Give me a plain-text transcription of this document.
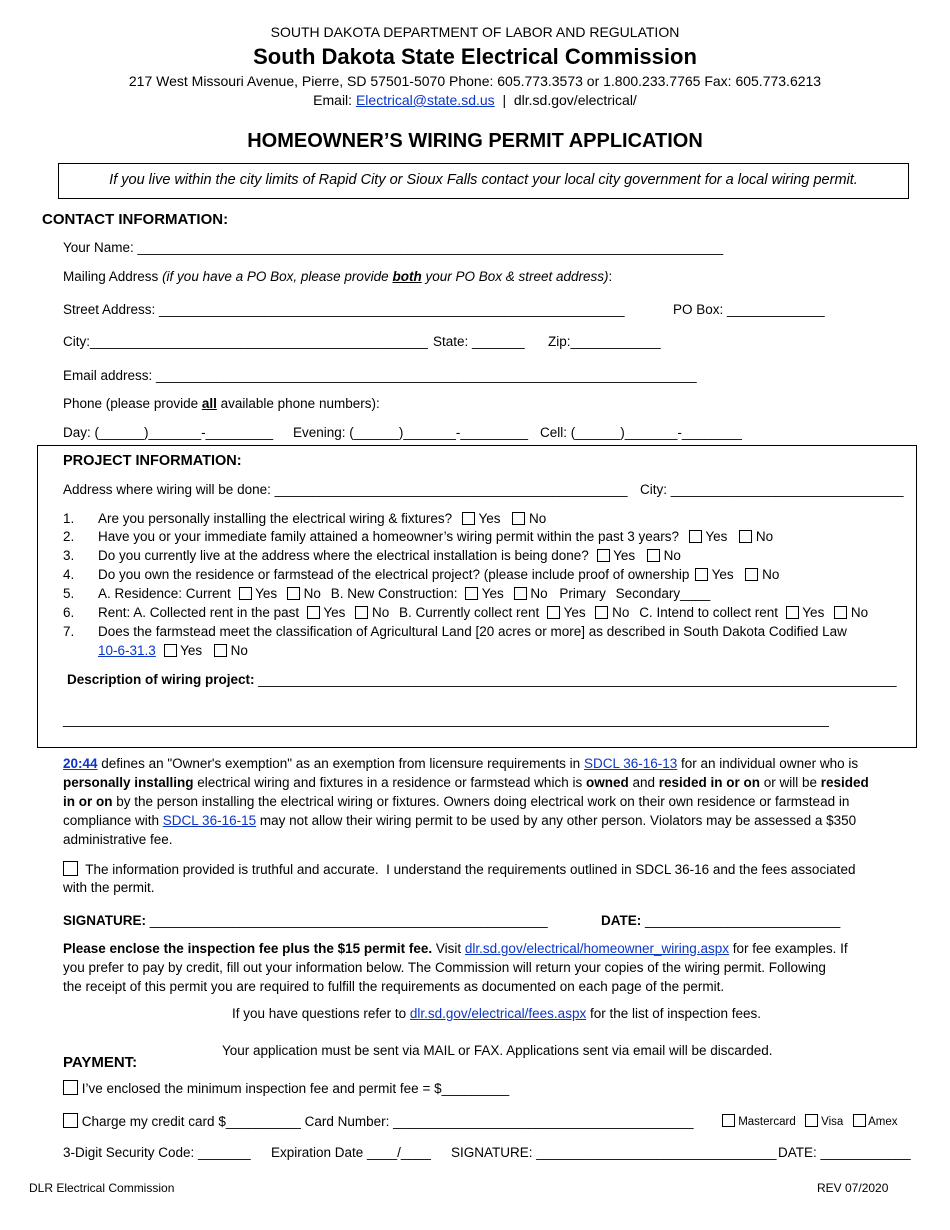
SOUTH DAKOTA DEPARTMENT OF LABOR AND REGULATION
South Dakota State Electrical Commission
217 West Missouri Avenue, Pierre, SD 57501-5070 Phone: 605.773.3573 or 1.800.233.7765 Fax: 605.773.6213
Email: Electrical@state.sd.us  |  dlr.sd.gov/electrical/
HOMEOWNER’S WIRING PERMIT APPLICATION
If you live within the city limits of Rapid City or Sioux Falls contact your local city government for a local wiring permit.
CONTACT INFORMATION:
Your Name: ______________________________________________________________________________
Mailing Address (if you have a PO Box, please provide both your PO Box & street address):
Street Address: ______________________________________________________________	PO Box: _____________
City:_____________________________________________ State: _______ Zip:____________
Email address: ________________________________________________________________________
Phone (please provide all available phone numbers):
Day: (______)_______-_________ Evening: (______)_______-_________ Cell: (______)_______-________
PROJECT INFORMATION:
Address where wiring will be done: _______________________________________________ City: _______________________________
1. Are you personally installing the electrical wiring & fixtures? Yes No
2. Have you or your immediate family attained a homeowner’s wiring permit within the past 3 years? Yes No
3. Do you currently live at the address where the electrical installation is being done? Yes No
4. Do you own the residence or farmstead of the electrical project? (please include proof of ownership Yes No
5. A. Residence: Current Yes No B. New Construction: Yes No Primary Secondary____
6. Rent: A. Collected rent in the past Yes No B. Currently collect rent Yes No C. Intend to collect rent Yes No
7. Does the farmstead meet the classification of Agricultural Land [20 acres or more] as described in South Dakota Codified Law
10-6-31.3 Yes No
Description of wiring project: _____________________________________________________________________________________
______________________________________________________________________________________________________
20:44 defines an "Owner's exemption" as an exemption from licensure requirements in SDCL 36-16-13 for an individual owner who is
personally installing electrical wiring and fixtures in a residence or farmstead which is owned and resided in or on or will be resided
in or on by the person installing the electrical wiring or fixtures. Owners doing electrical work on their own residence or farmstead in
compliance with SDCL 36-16-15 may not allow their wiring permit to be used by any other person. Violators may be assessed a $350
administrative fee.
The information provided is truthful and accurate.  I understand the requirements outlined in SDCL 36-16 and the fees associated
with the permit.
SIGNATURE: _____________________________________________________	DATE: __________________________
Please enclose the inspection fee plus the $15 permit fee. Visit dlr.sd.gov/electrical/homeowner_wiring.aspx for fee examples. If
you prefer to pay by credit, fill out your information below. The Commission will return your copies of the wiring permit. Following
the receipt of this permit you are required to fulfill the requirements as documented on each page of the permit.
If you have questions refer to dlr.sd.gov/electrical/fees.aspx for the list of inspection fees.
Your application must be sent via MAIL or FAX. Applications sent via email will be discarded.
PAYMENT:
I’ve enclosed the minimum inspection fee and permit fee = $_________
Charge my credit card $__________ Card Number: ________________________________________	Mastercard Visa Amex
3-Digit Security Code: _______ Expiration Date ____/____ SIGNATURE: ________________________________ DATE: ____________
DLR Electrical Commission	REV 07/2020
